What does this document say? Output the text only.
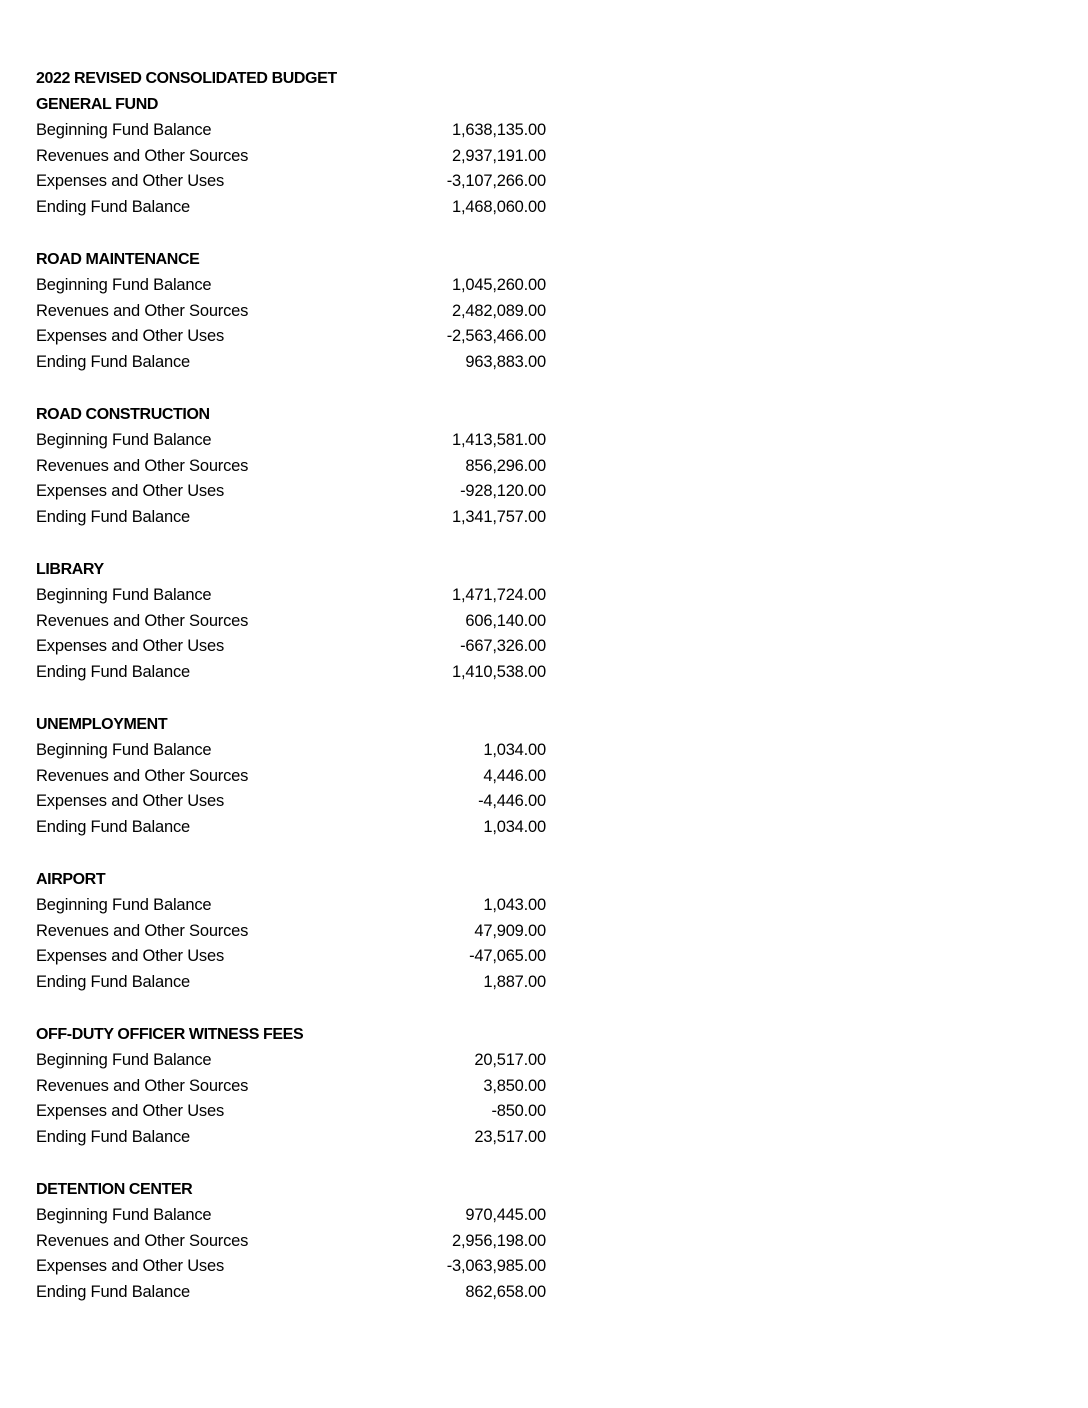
2022 REVISED CONSOLIDATED BUDGET
GENERAL FUND
Beginning Fund Balance	1,638,135.00
Revenues and Other Sources	2,937,191.00
Expenses and Other Uses	-3,107,266.00
Ending Fund Balance	1,468,060.00
ROAD MAINTENANCE
Beginning Fund Balance	1,045,260.00
Revenues and Other Sources	2,482,089.00
Expenses and Other Uses	-2,563,466.00
Ending Fund Balance	963,883.00
ROAD CONSTRUCTION
Beginning Fund Balance	1,413,581.00
Revenues and Other Sources	856,296.00
Expenses and Other Uses	-928,120.00
Ending Fund Balance	1,341,757.00
LIBRARY
Beginning Fund Balance	1,471,724.00
Revenues and Other Sources	606,140.00
Expenses and Other Uses	-667,326.00
Ending Fund Balance	1,410,538.00
UNEMPLOYMENT
Beginning Fund Balance	1,034.00
Revenues and Other Sources	4,446.00
Expenses and Other Uses	-4,446.00
Ending Fund Balance	1,034.00
AIRPORT
Beginning Fund Balance	1,043.00
Revenues and Other Sources	47,909.00
Expenses and Other Uses	-47,065.00
Ending Fund Balance	1,887.00
OFF-DUTY OFFICER WITNESS FEES
Beginning Fund Balance	20,517.00
Revenues and Other Sources	3,850.00
Expenses and Other Uses	-850.00
Ending Fund Balance	23,517.00
DETENTION CENTER
Beginning Fund Balance	970,445.00
Revenues and Other Sources	2,956,198.00
Expenses and Other Uses	-3,063,985.00
Ending Fund Balance	862,658.00
